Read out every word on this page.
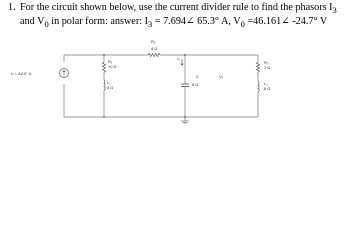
1. For the circuit shown below, use the current divider rule to find the phasors $I_3$
and $V_0$ in polar form: answer: $I_3$ = 7.694∠ 65.3° A, $V_0$ =46.161∠ -24.7° V
Iₛ = 8∠0° A
R₁
10 Ω
L₁
8 Ω
R₂
4 Ω
I₃
C
8 Ω
V₀
R₃
7 Ω
L₂
8 Ω
